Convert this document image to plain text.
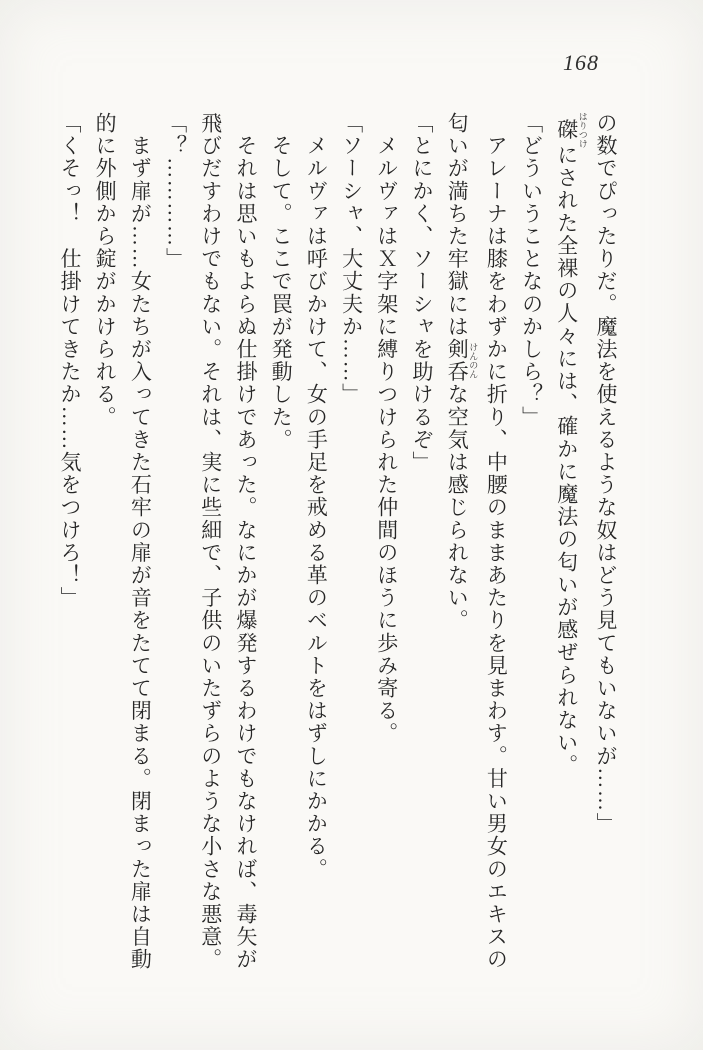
168

の数でぴったりだ。魔法を使えるような奴はどう見てもいないが……」

磔 はりつけにされた全裸の人々には、確かに魔法の匂いが感ぜられない。

「どういうことなのかしら？」

　アレーナは膝をわずかに折り、中腰のままあたりを見まわす。甘い男女のエキスの

匂いが満ちた牢獄には剣呑 けんのんな空気は感じられない。

「とにかく、ソーシャを助けるぞ」

　メルヴァはＸ字架に縛りつけられた仲間のほうに歩み寄る。

「ソーシャ、大丈夫か……」

　メルヴァは呼びかけて、女の手足を戒める革のベルトをはずしにかかる。

　そして。ここで罠が発動した。

　それは思いもよらぬ仕掛けであった。なにかが爆発するわけでもなければ、毒矢が

飛びだすわけでもない。それは、実に些細で、子供のいたずらのような小さな悪意。

「？…………」

　まず扉が……女たちが入ってきた石牢の扉が音をたてて閉まる。閉まった扉は自動

的に外側から錠がかけられる。

「くそっ！　仕掛けてきたか……気をつけろ！」
